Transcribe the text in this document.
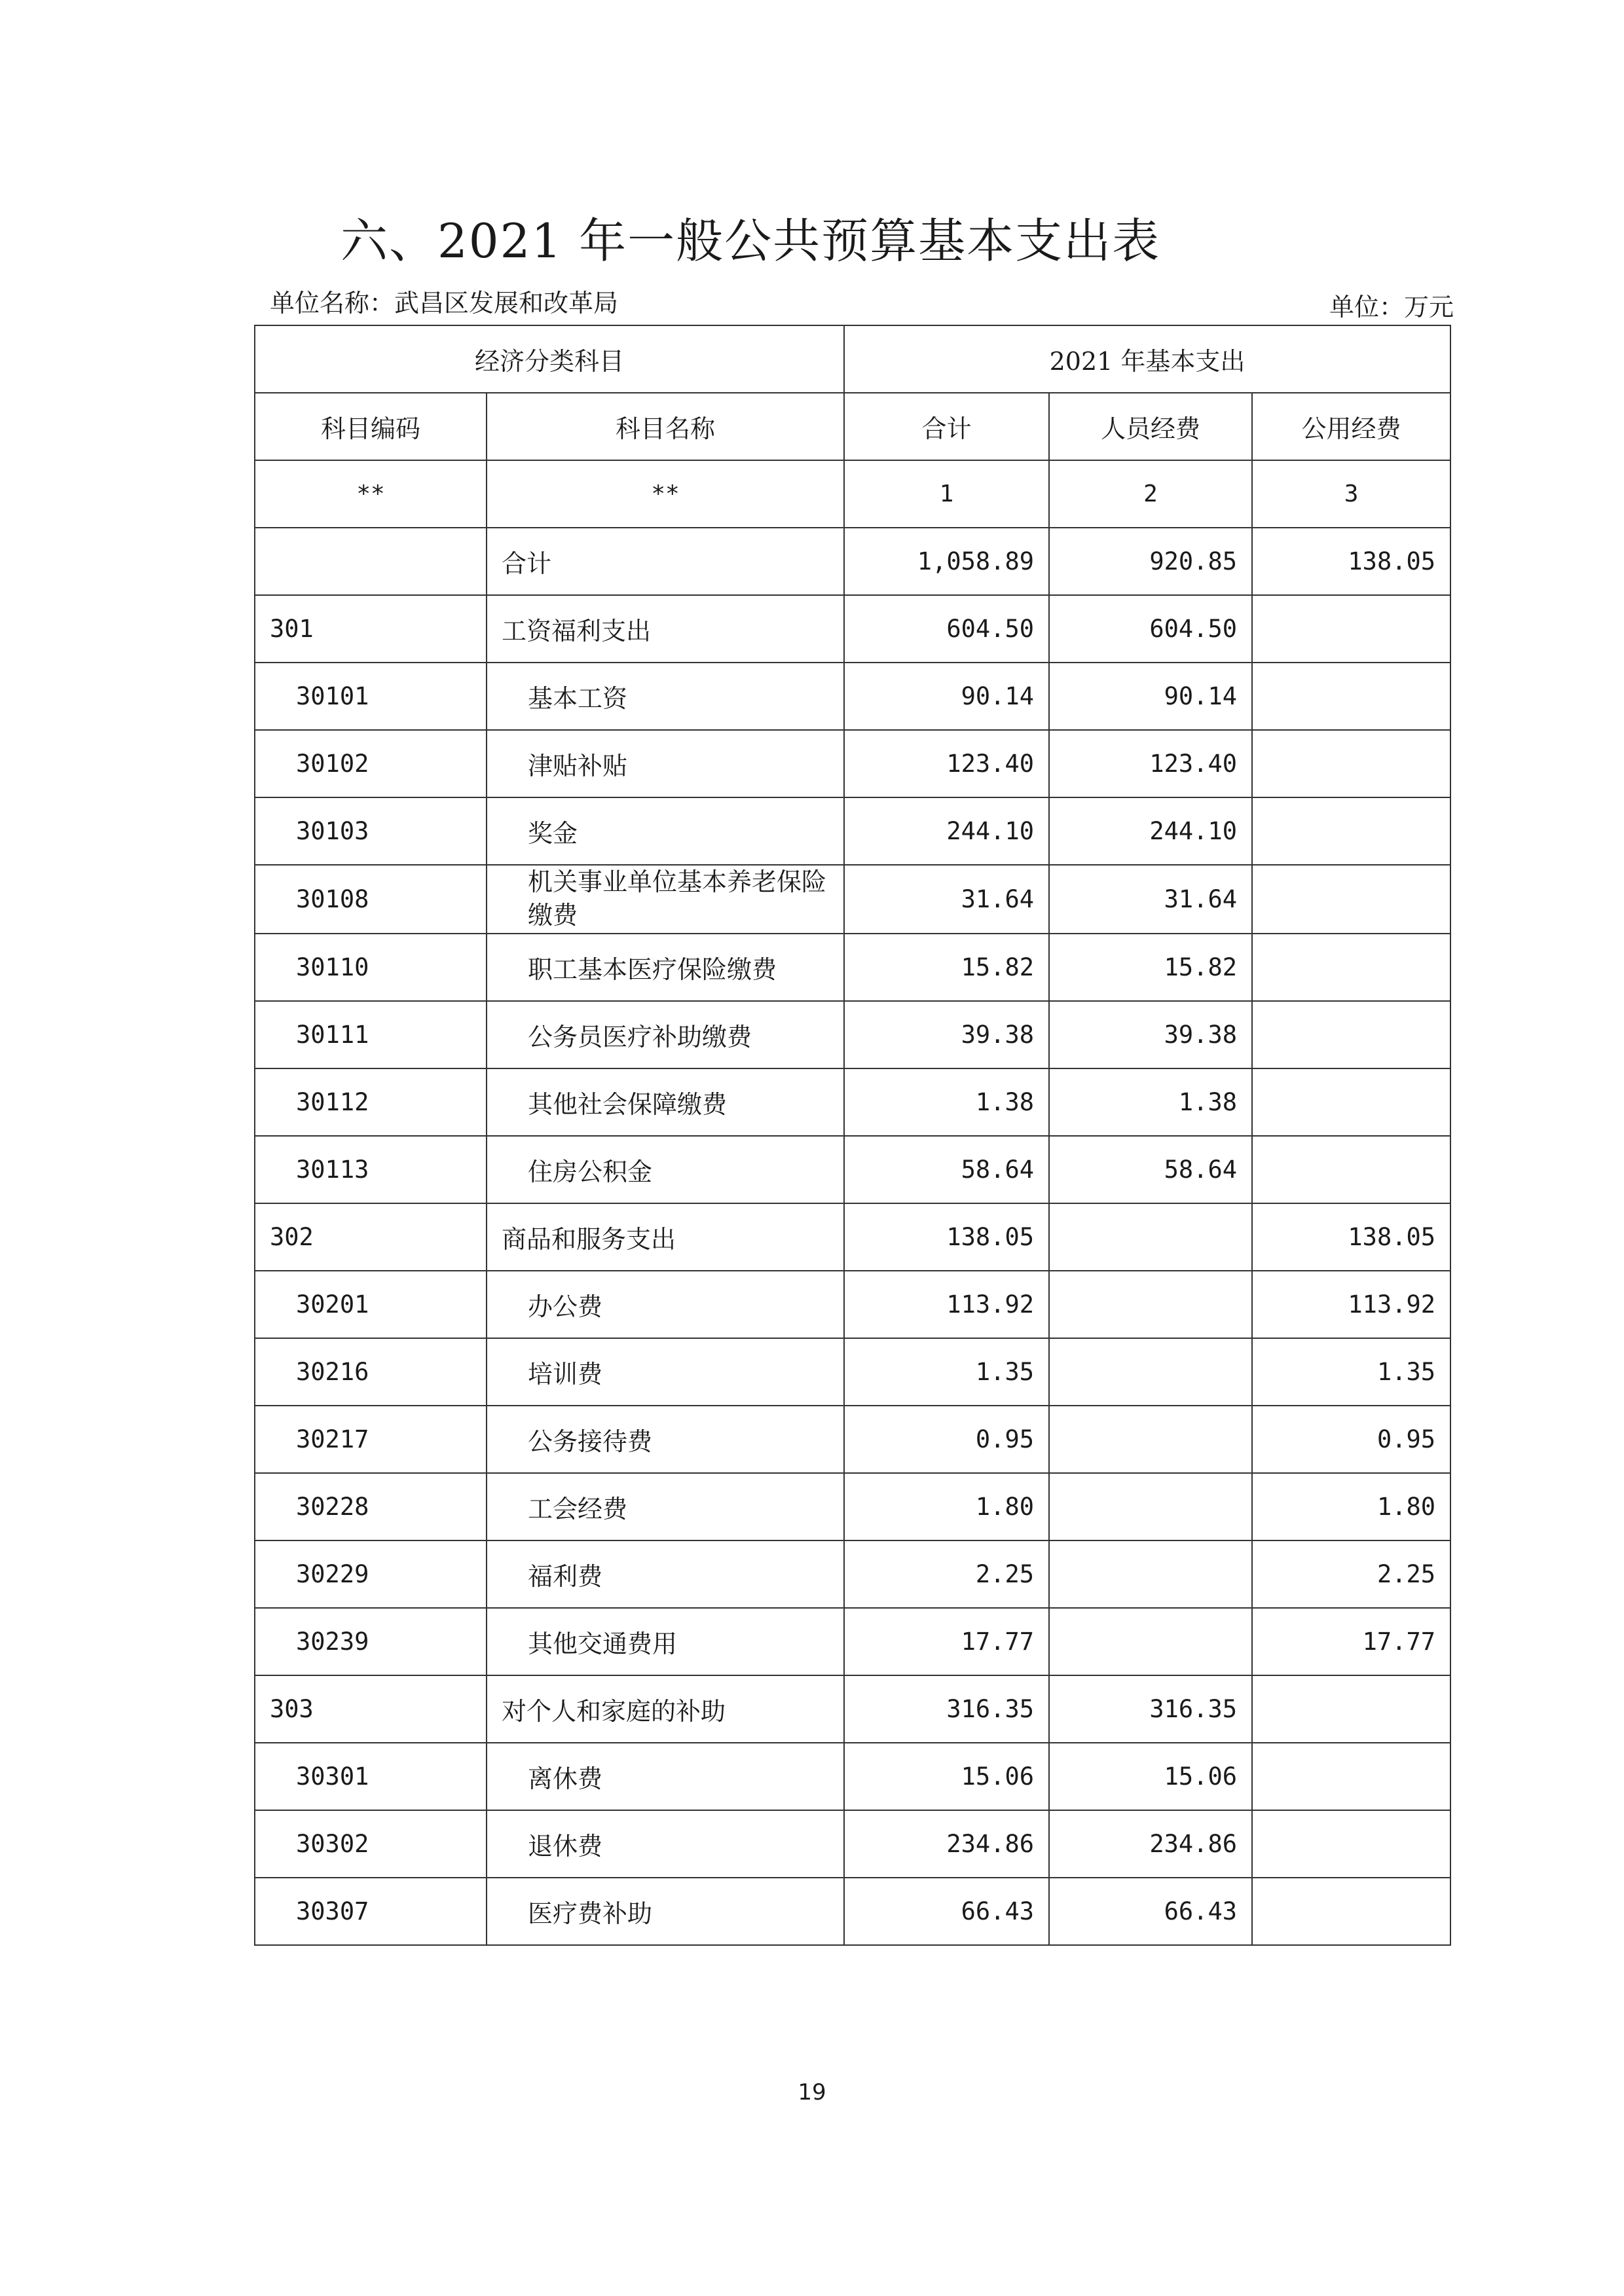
六、2021 年一般公共预算基本支出表
单位名称：武昌区发展和改革局	单位：万元
经济分类科目		2021 年基本支出		
科目编码	科目名称	合计	人员经费	公用经费
**	**	1	2	3
	合计	1,058.89	920.85	138.05
301	工资福利支出	604.50	604.50	
30101	基本工资	90.14	90.14	
30102	津贴补贴	123.40	123.40	
30103	奖金	244.10	244.10	
30108	机关事业单位基本养老保险缴费	31.64	31.64	
30110	职工基本医疗保险缴费	15.82	15.82	
30111	公务员医疗补助缴费	39.38	39.38	
30112	其他社会保障缴费	1.38	1.38	
30113	住房公积金	58.64	58.64	
302	商品和服务支出	138.05		138.05
30201	办公费	113.92		113.92
30216	培训费	1.35		1.35
30217	公务接待费	0.95		0.95
30228	工会经费	1.80		1.80
30229	福利费	2.25		2.25
30239	其他交通费用	17.77		17.77
303	对个人和家庭的补助	316.35	316.35	
30301	离休费	15.06	15.06	
30302	退休费	234.86	234.86	
30307	医疗费补助	66.43	66.43	
19
